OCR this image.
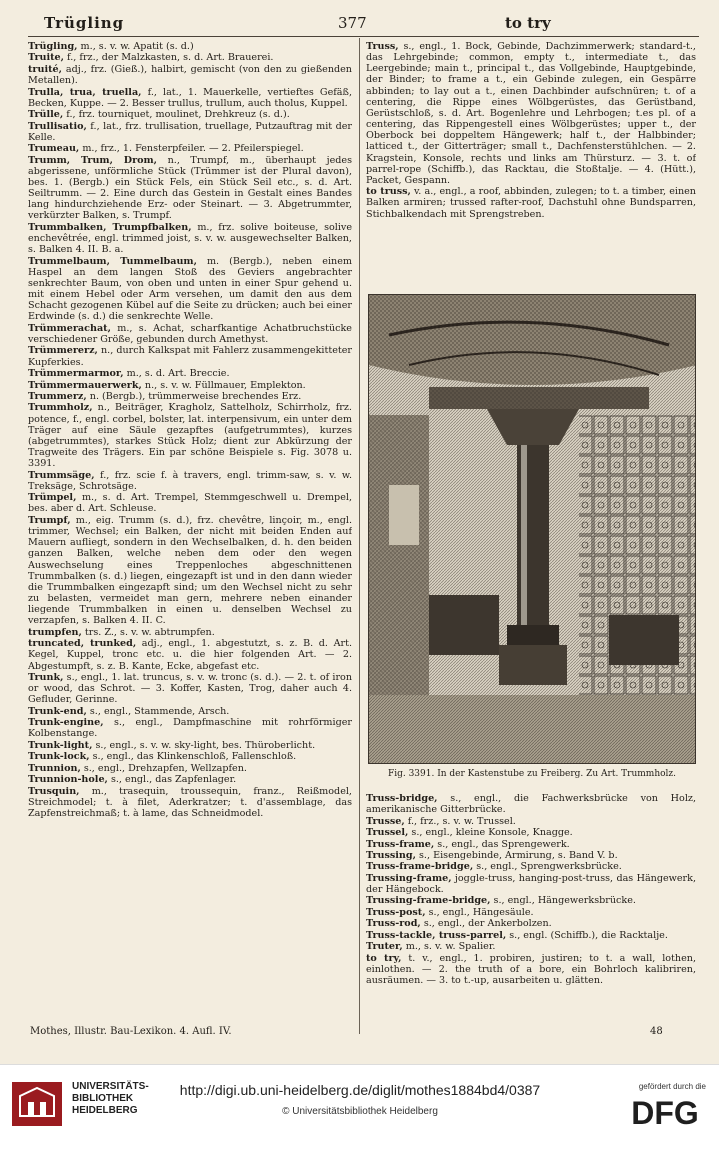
Trügling	377	to try
Trügling, m., s. v. w. Apatit (s. d.)
Truite, f., frz., der Malzkasten, s. d. Art. Brauerei.
truité, adj., frz. (Gieß.), halbirt, gemischt (von den zu gießenden Metallen).
Trulla, trua, truella, f., lat., 1. Mauerkelle, vertieftes Gefäß, Becken, Kuppe. — 2. Besser trullus, trullum, auch tholus, Kuppel.
Trülle, f., frz. tourniquet, moulinet, Drehkreuz (s. d.).
Trullisatio, f., lat., frz. trullisation, truellage, Putzauftrag mit der Kelle.
Trumeau, m., frz., 1. Fensterpfeiler. — 2. Pfeilerspiegel.
Trumm, Trum, Drom, n., Trumpf, m., überhaupt jedes abgerissene, unförmliche Stück (Trümmer ist der Plural davon), bes. 1. (Bergb.) ein Stück Fels, ein Stück Seil etc., s. d. Art. Seiltrumm. — 2. Eine durch das Gestein in Gestalt eines Bandes lang hindurchziehende Erz- oder Steinart. — 3. Abgetrummter, verkürzter Balken, s. Trumpf.
Trummbalken, Trumpfbalken, m., frz. solive boiteuse, solive enchevêtrée, engl. trimmed joist, s. v. w. ausgewechselter Balken, s. Balken 4. II. B. a.
Trummelbaum, Tummelbaum, m. (Bergb.), neben einem Haspel an dem langen Stoß des Geviers angebrachter senkrechter Baum, von oben und unten in einer Spur gehend u. mit einem Hebel oder Arm versehen, um damit den aus dem Schacht gezogenen Kübel auf die Seite zu drücken; auch bei einer Erdwinde (s. d.) die senkrechte Welle.
Trümmerachat, m., s. Achat, scharfkantige Achatbruchstücke verschiedener Größe, gebunden durch Amethyst.
Trümmererz, n., durch Kalkspat mit Fahlerz zusammengekitteter Kupferkies.
Trümmermarmor, m., s. d. Art. Breccie.
Trümmermauerwerk, n., s. v. w. Füllmauer, Emplekton.
Trummerz, n. (Bergb.), trümmerweise brechendes Erz.
Trummholz, n., Beiträger, Kragholz, Sattelholz, Schirrholz, frz. potence, f., engl. corbel, bolster, lat. interpensivum, ein unter dem Träger auf eine Säule gezapftes (aufgetrummtes), kurzes (abgetrummtes), starkes Stück Holz; dient zur Abkürzung der Tragweite des Trägers. Ein par schöne Beispiele s. Fig. 3078 u. 3391.
Trummsäge, f., frz. scie f. à travers, engl. trimm-saw, s. v. w. Treksäge, Schrotsäge.
Trümpel, m., s. d. Art. Trempel, Stemmgeschwell u. Drempel, bes. aber d. Art. Schleuse.
Trumpf, m., eig. Trumm (s. d.), frz. chevêtre, linçoir, m., engl. trimmer, Wechsel; ein Balken, der nicht mit beiden Enden auf Mauern aufliegt, sondern in den Wechselbalken, d. h. den beiden ganzen Balken, welche neben dem oder den wegen Auswechselung eines Treppenloches abgeschnittenen Trummbalken (s. d.) liegen, eingezapft ist und in den dann wieder die Trummbalken eingezapft sind; um den Wechsel nicht zu sehr zu belasten, vermeidet man gern, mehrere neben einander liegende Trummbalken in einen u. denselben Wechsel zu verzapfen, s. Balken 4. II. C.
trumpfen, trs. Z., s. v. w. abtrumpfen.
truncated, trunked, adj., engl., 1. abgestutzt, s. z. B. d. Art. Kegel, Kuppel, tronc etc. u. die hier folgenden Art. — 2. Abgestumpft, s. z. B. Kante, Ecke, abgefast etc.
Trunk, s., engl., 1. lat. truncus, s. v. w. tronc (s. d.). — 2. t. of iron or wood, das Schrot. — 3. Koffer, Kasten, Trog, daher auch 4. Gefluder, Gerinne.
Trunk-end, s., engl., Stammende, Arsch.
Trunk-engine, s., engl., Dampfmaschine mit rohrförmiger Kolbenstange.
Trunk-light, s., engl., s. v. w. sky-light, bes. Thüroberlicht.
Trunk-lock, s., engl., das Klinkenschloß, Fallenschloß.
Trunnion, s., engl., Drehzapfen, Wellzapfen.
Trunnion-hole, s., engl., das Zapfenlager.
Trusquin, m., trasequin, troussequin, franz., Reißmodel, Streichmodel; t. à filet, Aderkratzer; t. d'assemblage, das Zapfenstreichmaß; t. à lame, das Schneidmodel.
Truss, s., engl., 1. Bock, Gebinde, Dachzimmerwerk; standard-t., das Lehrgebinde; common, empty t., intermediate t., das Leergebinde; main t., principal t., das Vollgebinde, Hauptgebinde, der Binder; to frame a t., ein Gebinde zulegen, ein Gespärre abbinden; to lay out a t., einen Dachbinder aufschnüren; t. of a centering, die Rippe eines Wölbgerüstes, das Gerüstband, Gerüstschloß, s. d. Art. Bogenlehre und Lehrbogen; t.es pl. of a centering, das Rippengestell eines Wölbgerüstes; upper t., der Oberbock bei doppeltem Hängewerk; half t., der Halbbinder; latticed t., der Gitterträger; small t., Dachfensterstühlchen. — 2. Kragstein, Konsole, rechts und links am Thürsturz. — 3. t. of parrel-rope (Schiffb.), das Racktau, die Stoßtalje. — 4. (Hütt.), Packet, Gespann.
to truss, v. a., engl., a roof, abbinden, zulegen; to t. a timber, einen Balken armiren; trussed rafter-roof, Dachstuhl ohne Bundsparren, Stichbalkendach mit Sprengstreben.
Fig. 3391. In der Kastenstube zu Freiberg. Zu Art. Trummholz.
Truss-bridge, s., engl., die Fachwerksbrücke von Holz, amerikanische Gitterbrücke.
Trusse, f., frz., s. v. w. Trussel.
Trussel, s., engl., kleine Konsole, Knagge.
Truss-frame, s., engl., das Sprengewerk.
Trussing, s., Eisengebinde, Armirung, s. Band V. b.
Truss-frame-bridge, s., engl., Sprengwerksbrücke.
Trussing-frame, joggle-truss, hanging-post-truss, das Hängewerk, der Hängebock.
Trussing-frame-bridge, s., engl., Hängewerksbrücke.
Truss-post, s., engl., Hängesäule.
Truss-rod, s., engl., der Ankerbolzen.
Truss-tackle, truss-parrel, s., engl. (Schiffb.), die Racktalje.
Truter, m., s. v. w. Spalier.
to try, t. v., engl., 1. probiren, justiren; to t. a wall, lothen, einlothen. — 2. the truth of a bore, ein Bohrloch kalibriren, ausräumen. — 3. to t.-up, ausarbeiten u. glätten.
Mothes, Illustr. Bau-Lexikon. 4. Aufl. IV.	48
UNIVERSITÄTS-
BIBLIOTHEK
HEIDELBERG
http://digi.ub.uni-heidelberg.de/diglit/mothes1884bd4/0387
© Universitätsbibliothek Heidelberg
gefördert durch die
DFG
